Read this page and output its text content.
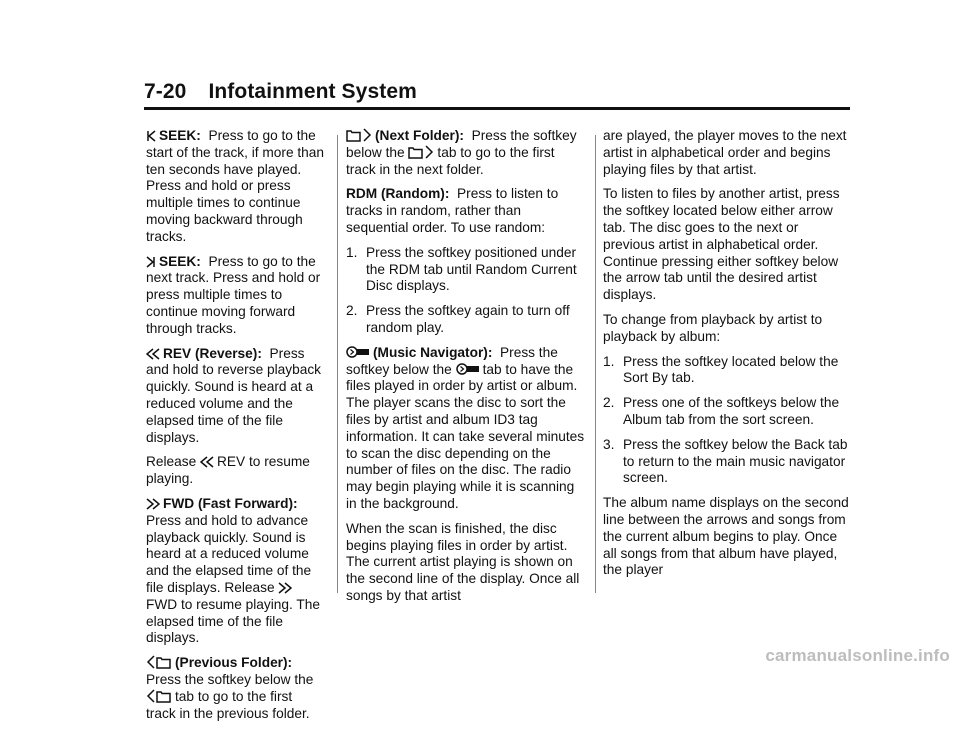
7-20 Infotainment System

SEEK: Press to go to the start of the track, if more than ten seconds have played. Press and hold or press multiple times to continue moving backward through tracks.

SEEK: Press to go to the next track. Press and hold or press multiple times to continue moving forward through tracks.

REV (Reverse): Press and hold to reverse playback quickly. Sound is heard at a reduced volume and the elapsed time of the file displays.

Release REV to resume playing.

FWD (Fast Forward):  Press and hold to advance playback quickly. Sound is heard at a reduced volume and the elapsed time of the file displays. Release FWD to resume playing. The elapsed time of the file displays.

(Previous Folder):  Press the softkey below the tab to go to the first track in the previous folder.

(Next Folder): Press the softkey below the tab to go to the first track in the next folder.

RDM (Random): Press to listen to tracks in random, rather than sequential order. To use random:

1. Press the softkey positioned under the RDM tab until Random Current Disc displays.
2. Press the softkey again to turn off random play.

(Music Navigator): Press the softkey below the tab to have the files played in order by artist or album. The player scans the disc to sort the files by artist and album ID3 tag information. It can take several minutes to scan the disc depending on the number of files on the disc. The radio may begin playing while it is scanning in the background.

When the scan is finished, the disc begins playing files in order by artist. The current artist playing is shown on the second line of the display. Once all songs by that artist

are played, the player moves to the next artist in alphabetical order and begins playing files by that artist.

To listen to files by another artist, press the softkey located below either arrow tab. The disc goes to the next or previous artist in alphabetical order. Continue pressing either softkey below the arrow tab until the desired artist displays.

To change from playback by artist to playback by album:

1. Press the softkey located below the Sort By tab.
2. Press one of the softkeys below the Album tab from the sort screen.
3. Press the softkey below the Back tab to return to the main music navigator screen.

The album name displays on the second line between the arrows and songs from the current album begins to play. Once all songs from that album have played, the player

carmanualsonline.info
